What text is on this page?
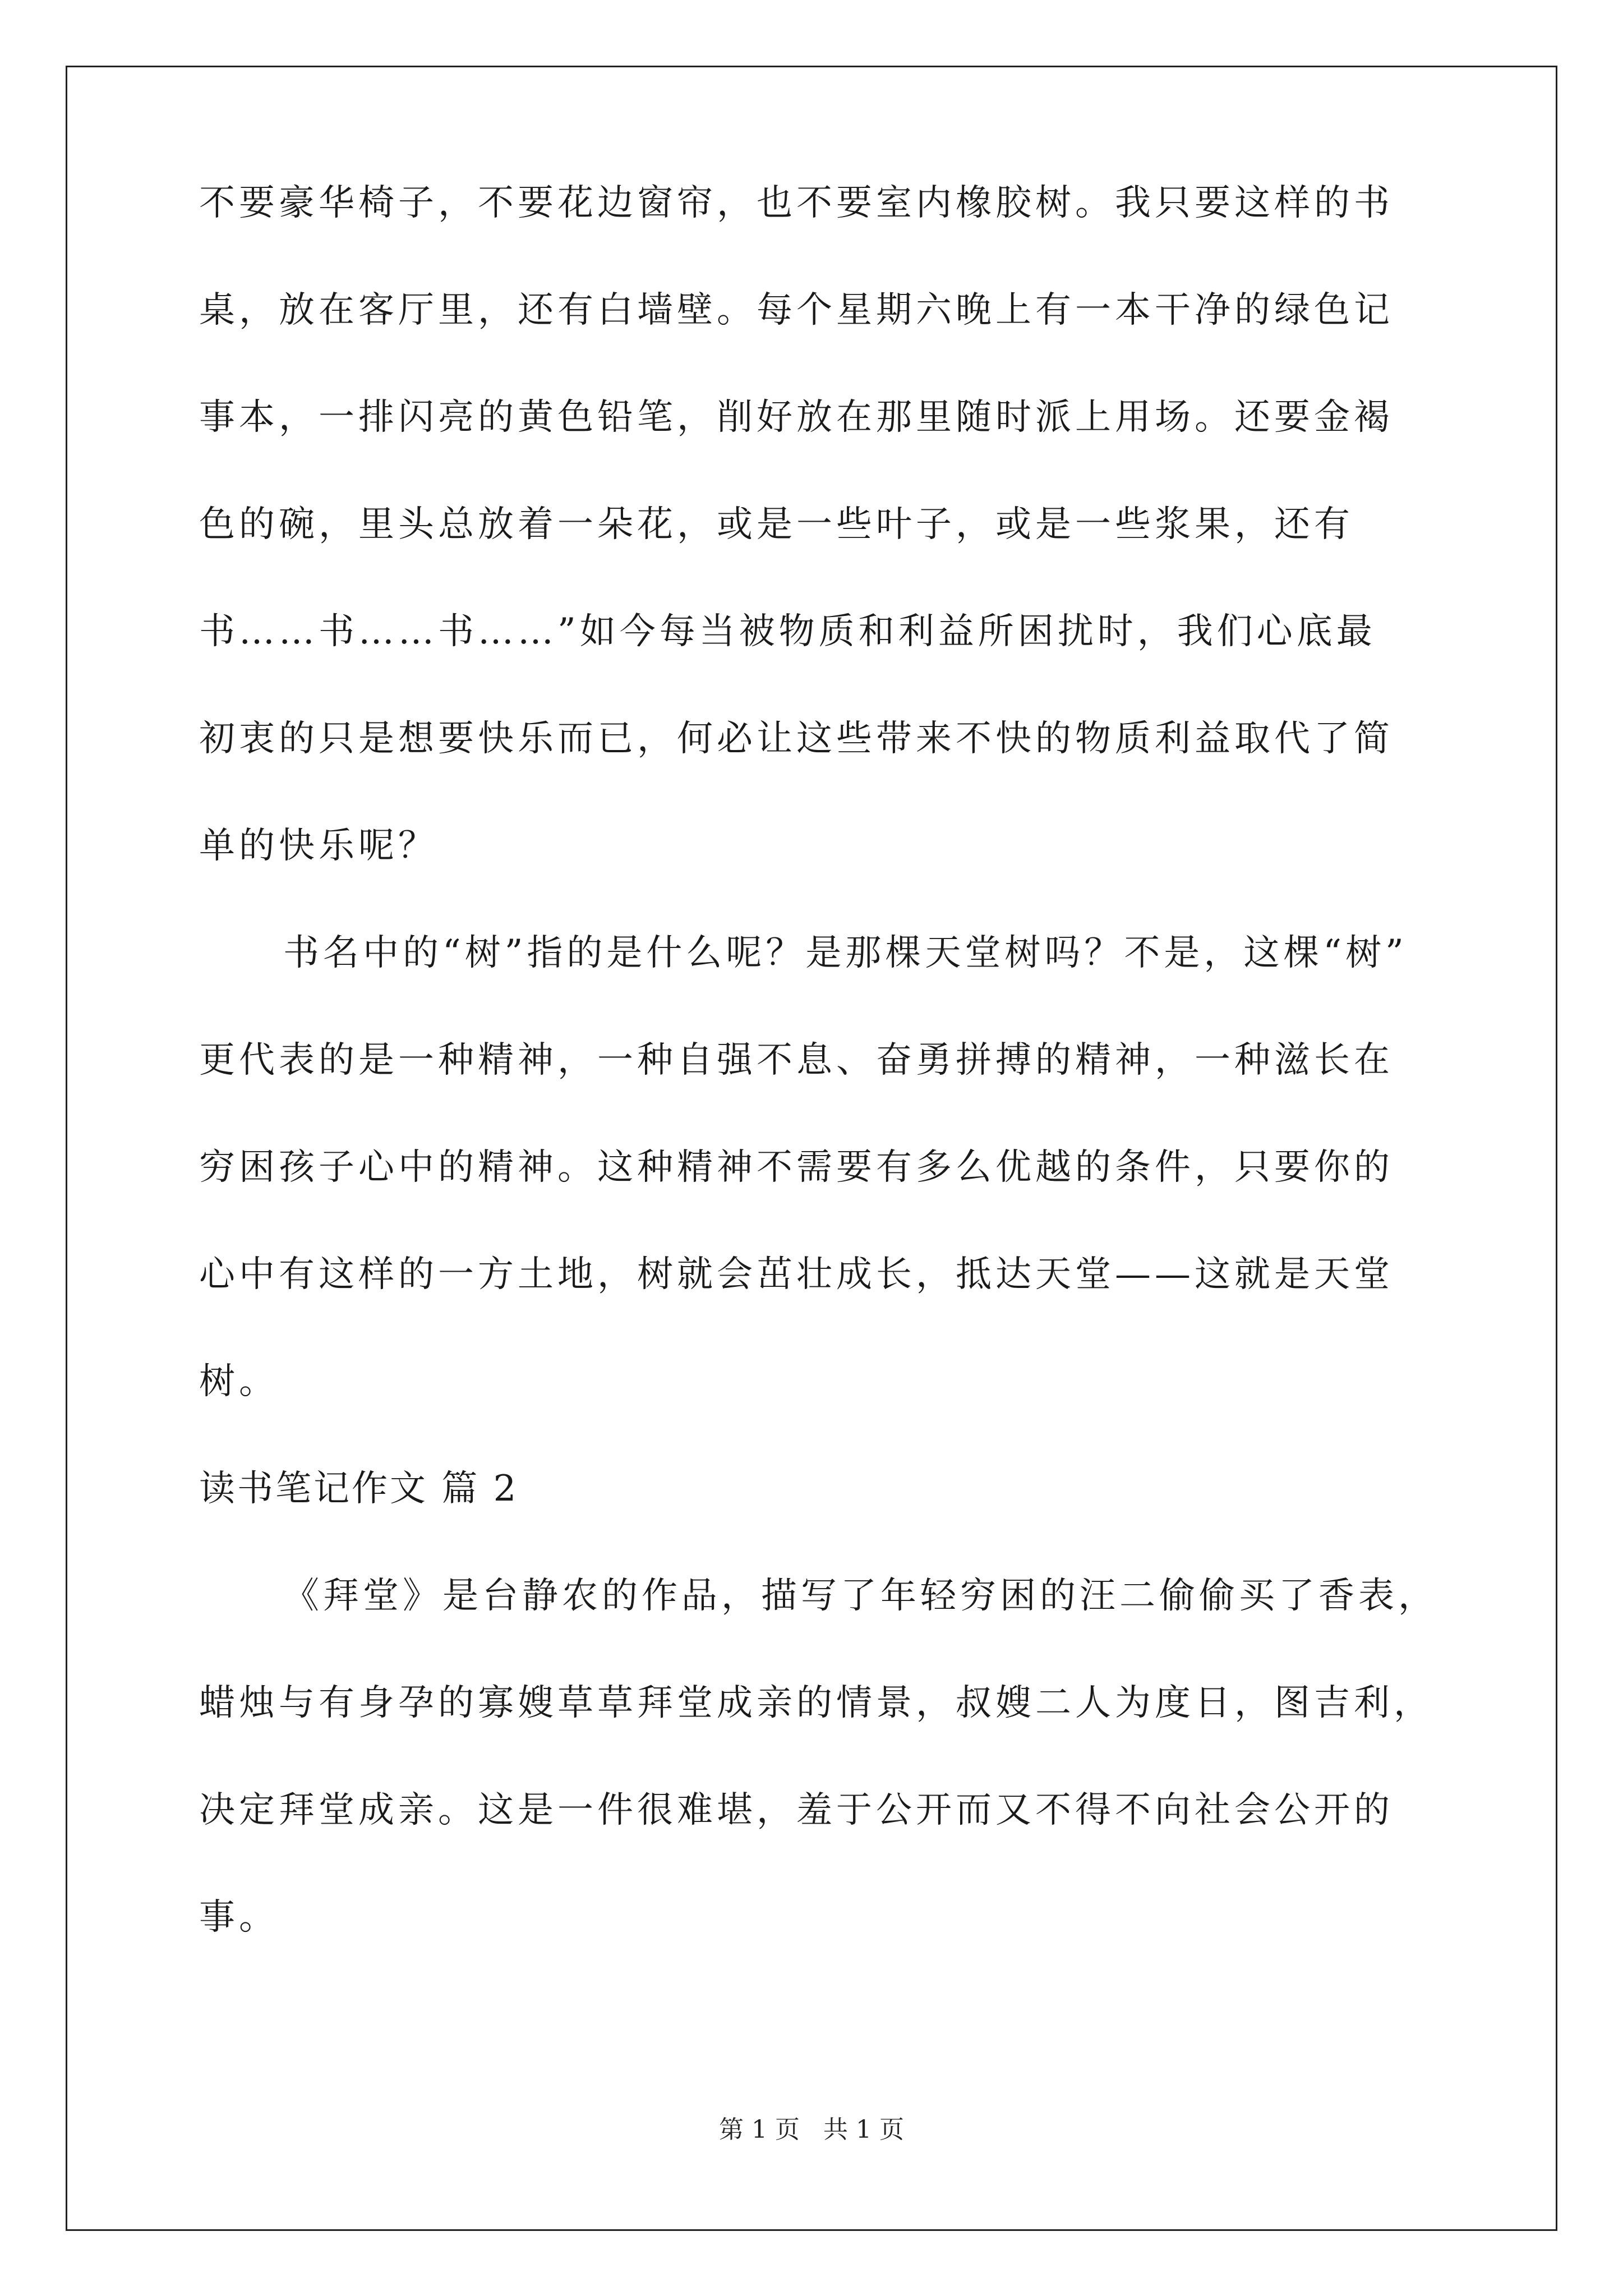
不要豪华椅子，不要花边窗帘，也不要室内橡胶树。我只要这样的书
桌，放在客厅里，还有白墙壁。每个星期六晚上有一本干净的绿色记
事本，一排闪亮的黄色铅笔，削好放在那里随时派上用场。还要金褐
色的碗，里头总放着一朵花，或是一些叶子，或是一些浆果，还有
书……书……书……”如今每当被物质和利益所困扰时，我们心底最
初衷的只是想要快乐而已，何必让这些带来不快的物质利益取代了简
单的快乐呢？
书名中的“树”指的是什么呢？是那棵天堂树吗？不是，这棵“树”
更代表的是一种精神，一种自强不息、奋勇拼搏的精神，一种滋长在
穷困孩子心中的精神。这种精神不需要有多么优越的条件，只要你的
心中有这样的一方土地，树就会茁壮成长，抵达天堂——这就是天堂
树。
读书笔记作文 篇 2
《拜堂》是台静农的作品，描写了年轻穷困的汪二偷偷买了香表，
蜡烛与有身孕的寡嫂草草拜堂成亲的情景，叔嫂二人为度日，图吉利，
决定拜堂成亲。这是一件很难堪，羞于公开而又不得不向社会公开的
事。
第 1 页 共 1 页
